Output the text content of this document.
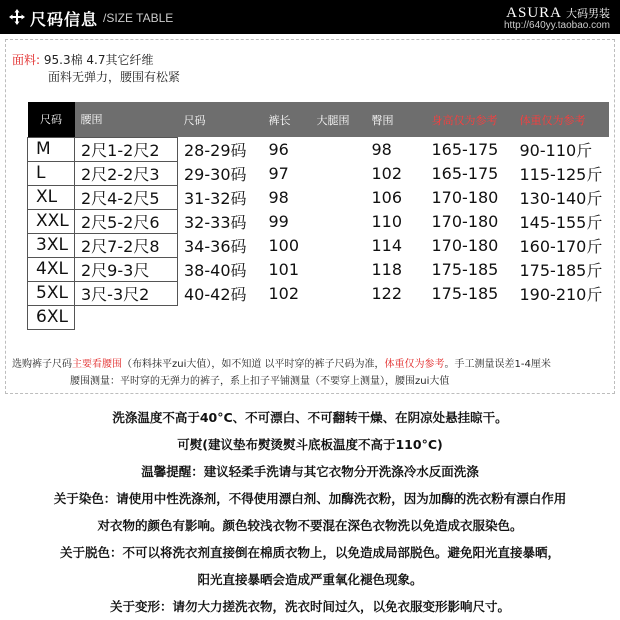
尺码信息 /SIZE TABLE	ASURA 大码男装
http://640yy.taobao.com
面料: 95.3棉 4.7其它纤维
面料无弹力，腰围有松紧
尺码	腰围	尺码	裤长	大腿围	臀围	身高仅为参考	体重仅为参考
M	2尺1-2尺2	28-29码	96		98	165-175	90-110斤
L	2尺2-2尺3	29-30码	97		102	165-175	115-125斤
XL	2尺4-2尺5	31-32码	98		106	170-180	130-140斤
XXL	2尺5-2尺6	32-33码	99		110	170-180	145-155斤
3XL	2尺7-2尺8	34-36码	100		114	170-180	160-170斤
4XL	2尺9-3尺	38-40码	101		118	175-185	175-185斤
5XL	3尺-3尺2	40-42码	102		122	175-185	190-210斤
6XL							
选购裤子尺码主要看腰围（布料抹平zui大值），如不知道 以平时穿的裤子尺码为准，体重仅为参考。手工测量误差1-4厘米
腰围测量：平时穿的无弹力的裤子，系上扣子平铺测量（不要穿上测量），腰围zui大值
洗涤温度不高于40°C、不可漂白、不可翻转干燥、在阴凉处悬挂晾干。
可熨(建议垫布熨烫熨斗底板温度不高于110°C)
温馨提醒：建议轻柔手洗请与其它衣物分开洗涤冷水反面洗涤
关于染色：请使用中性洗涤剂，不得使用漂白剂、加酶洗衣粉，因为加酶的洗衣粉有漂白作用
对衣物的颜色有影响。颜色较浅衣物不要混在深色衣物洗以免造成衣服染色。
关于脱色：不可以将洗衣剂直接倒在棉质衣物上，以免造成局部脱色。避免阳光直接暴晒，
阳光直接暴晒会造成严重氧化褪色现象。
关于变形：请勿大力搓洗衣物，洗衣时间过久，以免衣服变形影响尺寸。
